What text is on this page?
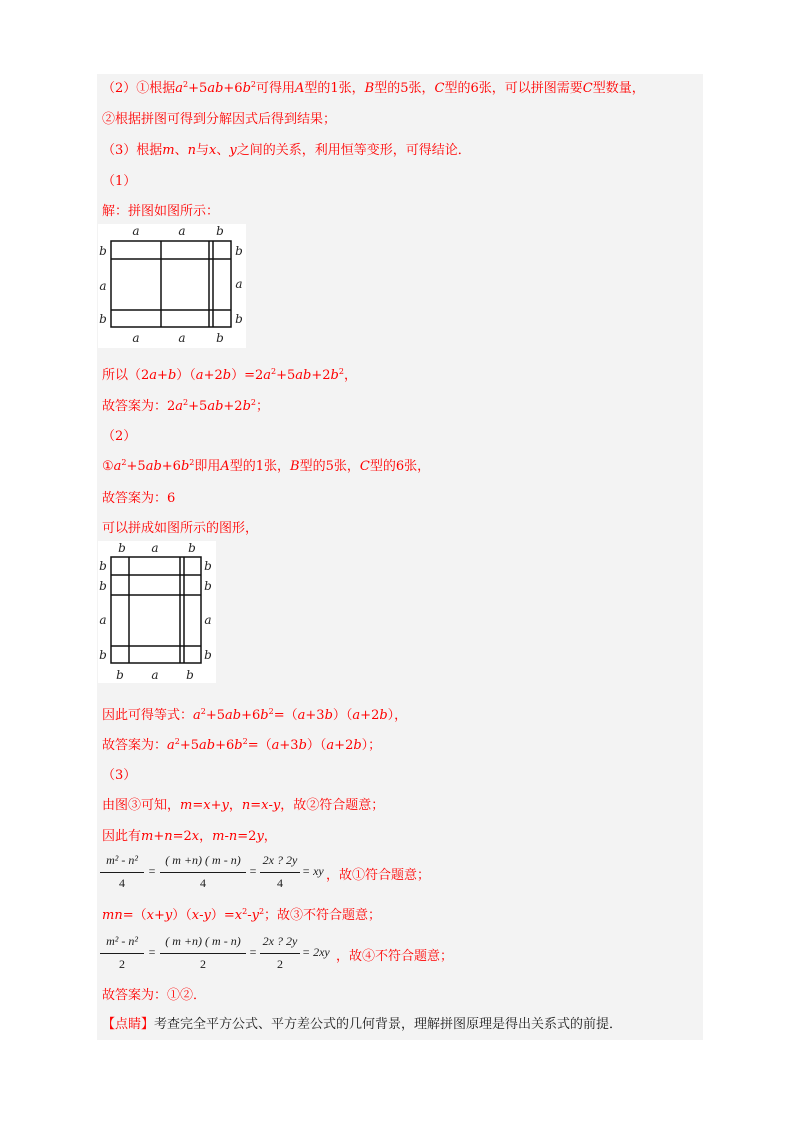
（2）①根据$a^2+5ab+6b^2$可得用A型的1张，B型的5张，C型的6张，可以拼图需要C型数量，
②根据拼图可得到分解因式后得到结果；
（3）根据m、n与x、y之间的关系，利用恒等变形，可得结论．
（1）
解：拼图如图所示：
a	a	b
b
a
b
b
a
b
a	a	b
所以$(2a+b)(a+2b)=2a^2+5ab+2b^2$，
故答案为：$2a^2+5ab+2b^2$；
（2）
$①a^2+5ab+6b^2$即用A型的1张，B型的5张，C型的6张，
故答案为：6
可以拼成如图所示的图形，
b a b
b
b
a
b
b
b
a
b
b a b
因此可得等式：$a^2+5ab+6b^2=(a+3b)(a+2b)$，
故答案为：$a^2+5ab+6b^2=(a+3b)(a+2b)$；
（3）
由图③可知，m=x+y，n=x-y，故②符合题意；
因此有m+n=2x，m-n=2y，
m² - n²
4
=
( m +n) ( m - n)
4
=
2x ? 2y
4
= xy ，故①符合题意；
$mn=(x+y)(x-y)=x^2-y^2$；故③不符合题意；
m² - n²
2
=
( m +n) ( m - n)
2
=
2x ? 2y
2
= 2xy ，故④不符合题意；
故答案为：①②．
【点睛】考查完全平方公式、平方差公式的几何背景，理解拼图原理是得出关系式的前提．
